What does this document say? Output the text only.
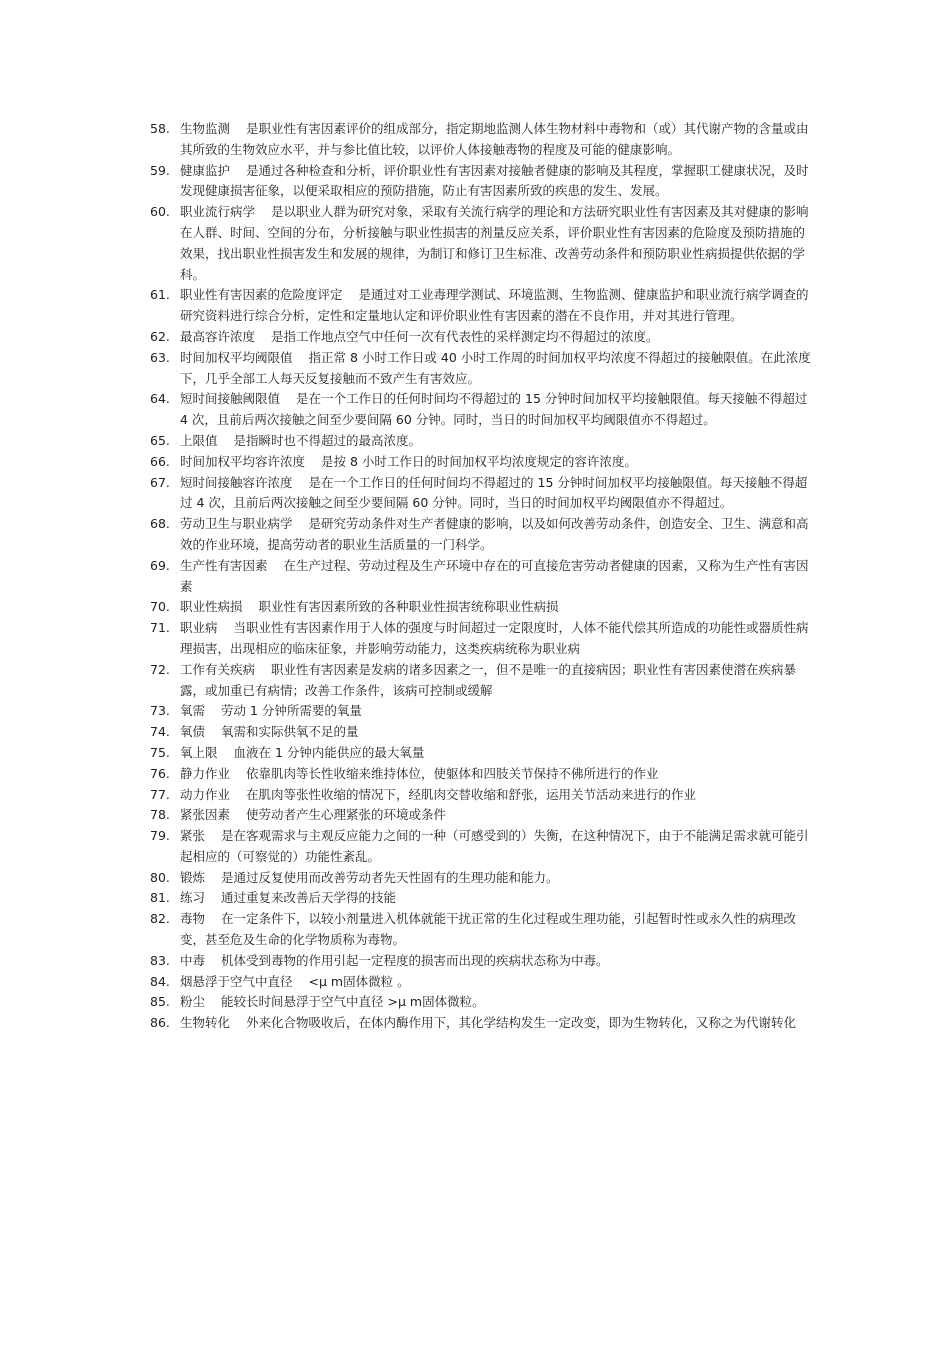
58. 生物监测 是职业性有害因素评价的组成部分，指定期地监测人体生物材料中毒物和（或）其代谢产物的含量或由其所致的生物效应水平，并与参比值比较，以评价人体接触毒物的程度及可能的健康影响。
59. 健康监护 是通过各种检查和分析，评价职业性有害因素对接触者健康的影响及其程度，掌握职工健康状况，及时发现健康损害征象，以便采取相应的预防措施，防止有害因素所致的疾患的发生、发展。
60. 职业流行病学 是以职业人群为研究对象，采取有关流行病学的理论和方法研究职业性有害因素及其对健康的影响在人群、时间、空间的分布，分析接触与职业性损害的剂量反应关系，评价职业性有害因素的危险度及预防措施的效果，找出职业性损害发生和发展的规律，为制订和修订卫生标准、改善劳动条件和预防职业性病损提供依据的学科。
61. 职业性有害因素的危险度评定 是通过对工业毒理学测试、环境监测、生物监测、健康监护和职业流行病学调查的研究资料进行综合分析，定性和定量地认定和评价职业性有害因素的潜在不良作用，并对其进行管理。
62. 最高容许浓度 是指工作地点空气中任何一次有代表性的采样测定均不得超过的浓度。
63. 时间加权平均阈限值 指正常 8 小时工作日或 40 小时工作周的时间加权平均浓度不得超过的接触限值。在此浓度下，几乎全部工人每天反复接触而不致产生有害效应。
64. 短时间接触阈限值 是在一个工作日的任何时间均不得超过的 15 分钟时间加权平均接触限值。每天接触不得超过 4 次，且前后两次接触之间至少要间隔 60 分钟。同时，当日的时间加权平均阈限值亦不得超过。
65. 上限值 是指瞬时也不得超过的最高浓度。
66. 时间加权平均容许浓度 是按 8 小时工作日的时间加权平均浓度规定的容许浓度。
67. 短时间接触容许浓度 是在一个工作日的任何时间均不得超过的 15 分钟时间加权平均接触限值。每天接触不得超过 4 次，且前后两次接触之间至少要间隔 60 分钟。同时，当日的时间加权平均阈限值亦不得超过。
68. 劳动卫生与职业病学 是研究劳动条件对生产者健康的影响，以及如何改善劳动条件，创造安全、卫生、满意和高效的作业环境，提高劳动者的职业生活质量的一门科学。
69. 生产性有害因素 在生产过程、劳动过程及生产环境中存在的可直接危害劳动者健康的因素，又称为生产性有害因素
70. 职业性病损 职业性有害因素所致的各种职业性损害统称职业性病损
71. 职业病 当职业性有害因素作用于人体的强度与时间超过一定限度时，人体不能代偿其所造成的功能性或器质性病理损害，出现相应的临床征象，并影响劳动能力，这类疾病统称为职业病
72. 工作有关疾病 职业性有害因素是发病的诸多因素之一，但不是唯一的直接病因；职业性有害因素使潜在疾病暴露，或加重已有病情；改善工作条件，该病可控制或缓解
73. 氧需 劳动 1 分钟所需要的氧量
74. 氧债 氧需和实际供氧不足的量
75. 氧上限 血液在 1 分钟内能供应的最大氧量
76. 静力作业 依靠肌肉等长性收缩来维持体位，使躯体和四肢关节保持不佛所进行的作业
77. 动力作业 在肌肉等张性收缩的情况下，经肌肉交替收缩和舒张，运用关节活动来进行的作业
78. 紧张因素 使劳动者产生心理紧张的环境或条件
79. 紧张 是在客观需求与主观反应能力之间的一种（可感受到的）失衡，在这种情况下，由于不能满足需求就可能引起相应的（可察觉的）功能性紊乱。
80. 锻炼 是通过反复使用而改善劳动者先天性固有的生理功能和能力。
81. 练习 通过重复来改善后天学得的技能
82. 毒物 在一定条件下，以较小剂量进入机体就能干扰正常的生化过程或生理功能，引起暂时性或永久性的病理改变，甚至危及生命的化学物质称为毒物。
83. 中毒 机体受到毒物的作用引起一定程度的损害而出现的疾病状态称为中毒。
84. 烟悬浮于空气中直径 <μ m固体微粒 。
85. 粉尘 能较长时间悬浮于空气中直径 >μ m固体微粒。
86. 生物转化 外来化合物吸收后，在体内酶作用下，其化学结构发生一定改变，即为生物转化，又称之为代谢转化
